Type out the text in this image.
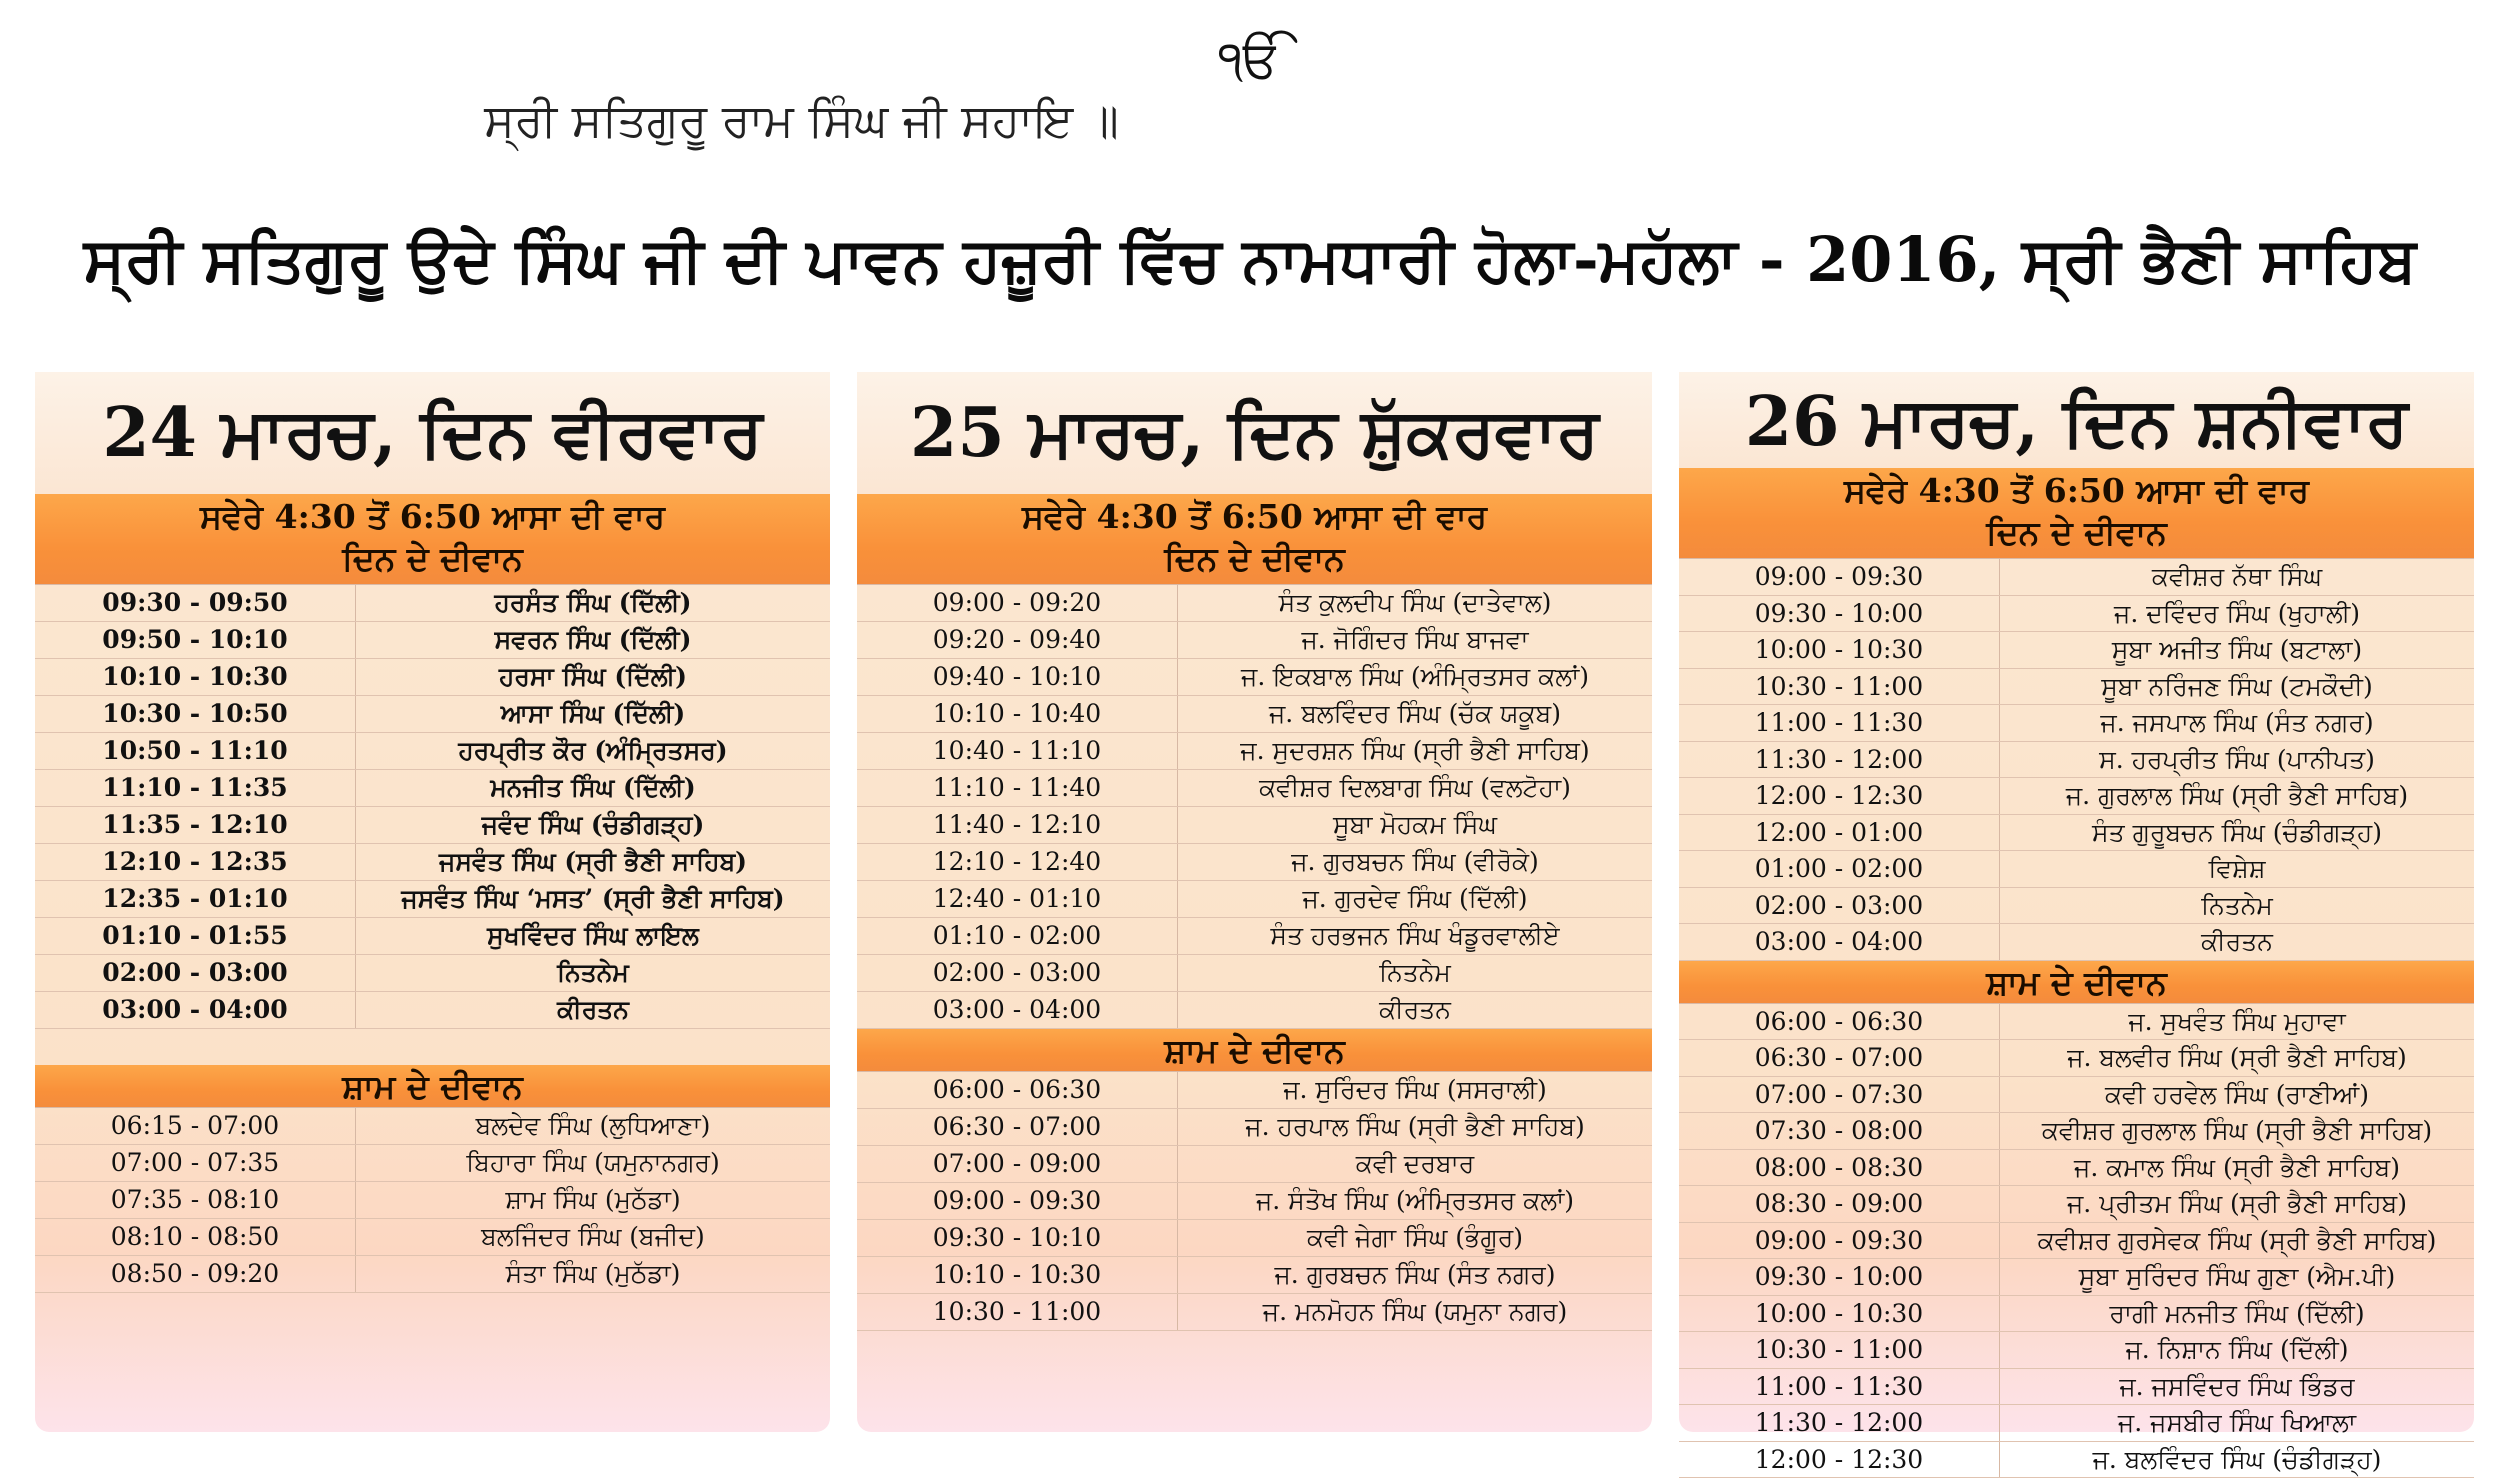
ੴ
ਸ੍ਰੀ ਸਤਿਗੁਰੂ ਰਾਮ ਸਿੰਘ ਜੀ ਸਹਾਇ ॥
ਸ੍ਰੀ ਸਤਿਗੁਰੂ ਉਦੇ ਸਿੰਘ ਜੀ ਦੀ ਪਾਵਨ ਹਜ਼ੂਰੀ ਵਿੱਚ ਨਾਮਧਾਰੀ ਹੋਲਾ-ਮਹੱਲਾ - 2016, ਸ੍ਰੀ ਭੈਣੀ ਸਾਹਿਬ
24 ਮਾਰਚ, ਦਿਨ ਵੀਰਵਾਰ
ਸਵੇਰੇ 4:30 ਤੋਂ 6:50 ਆਸਾ ਦੀ ਵਾਰ
ਦਿਨ ਦੇ ਦੀਵਾਨ
09:30 - 09:50	ਹਰਸੰਤ ਸਿੰਘ (ਦਿੱਲੀ)
09:50 - 10:10	ਸਵਰਨ ਸਿੰਘ (ਦਿੱਲੀ)
10:10 - 10:30	ਹਰਸਾ ਸਿੰਘ (ਦਿੱਲੀ)
10:30 - 10:50	ਆਸਾ ਸਿੰਘ (ਦਿੱਲੀ)
10:50 - 11:10	ਹਰਪ੍ਰੀਤ ਕੌਰ (ਅੰਮ੍ਰਿਤਸਰ)
11:10 - 11:35	ਮਨਜੀਤ ਸਿੰਘ (ਦਿੱਲੀ)
11:35 - 12:10	ਜਵੰਦ ਸਿੰਘ (ਚੰਡੀਗੜ੍ਹ)
12:10 - 12:35	ਜਸਵੰਤ ਸਿੰਘ (ਸ੍ਰੀ ਭੈਣੀ ਸਾਹਿਬ)
12:35 - 01:10	ਜਸਵੰਤ ਸਿੰਘ ‘ਮਸਤ’ (ਸ੍ਰੀ ਭੈਣੀ ਸਾਹਿਬ)
01:10 - 01:55	ਸੁਖਵਿੰਦਰ ਸਿੰਘ ਲਾਇਲ
02:00 - 03:00	ਨਿਤਨੇਮ
03:00 - 04:00	ਕੀਰਤਨ
ਸ਼ਾਮ ਦੇ ਦੀਵਾਨ
06:15 - 07:00	ਬਲਦੇਵ ਸਿੰਘ (ਲੁਧਿਆਣਾ)
07:00 - 07:35	ਬਿਹਾਰਾ ਸਿੰਘ (ਯਮੁਨਾਨਗਰ)
07:35 - 08:10	ਸ਼ਾਮ ਸਿੰਘ (ਮੁਠੱਡਾ)
08:10 - 08:50	ਬਲਜਿੰਦਰ ਸਿੰਘ (ਬਜੀਦ)
08:50 - 09:20	ਸੰਤਾ ਸਿੰਘ (ਮੁਠੱਡਾ)
25 ਮਾਰਚ, ਦਿਨ ਸ਼ੁੱਕਰਵਾਰ
ਸਵੇਰੇ 4:30 ਤੋਂ 6:50 ਆਸਾ ਦੀ ਵਾਰ
ਦਿਨ ਦੇ ਦੀਵਾਨ
09:00 - 09:20	ਸੰਤ ਕੁਲਦੀਪ ਸਿੰਘ (ਦਾਤੇਵਾਲ)
09:20 - 09:40	ਜ. ਜੋਗਿੰਦਰ ਸਿੰਘ ਬਾਜਵਾ
09:40 - 10:10	ਜ. ਇਕਬਾਲ ਸਿੰਘ (ਅੰਮ੍ਰਿਤਸਰ ਕਲਾਂ)
10:10 - 10:40	ਜ. ਬਲਵਿੰਦਰ ਸਿੰਘ (ਚੱਕ ਯਕੂਬ)
10:40 - 11:10	ਜ. ਸੁਦਰਸ਼ਨ ਸਿੰਘ (ਸ੍ਰੀ ਭੈਣੀ ਸਾਹਿਬ)
11:10 - 11:40	ਕਵੀਸ਼ਰ ਦਿਲਬਾਗ ਸਿੰਘ (ਵਲਟੋਹਾ)
11:40 - 12:10	ਸੂਬਾ ਮੋਹਕਮ ਸਿੰਘ
12:10 - 12:40	ਜ. ਗੁਰਬਚਨ ਸਿੰਘ (ਵੀਰੋਕੇ)
12:40 - 01:10	ਜ. ਗੁਰਦੇਵ ਸਿੰਘ (ਦਿੱਲੀ)
01:10 - 02:00	ਸੰਤ ਹਰਭਜਨ ਸਿੰਘ ਖੰਡੂਰਵਾਲੀਏ
02:00 - 03:00	ਨਿਤਨੇਮ
03:00 - 04:00	ਕੀਰਤਨ
ਸ਼ਾਮ ਦੇ ਦੀਵਾਨ
06:00 - 06:30	ਜ. ਸੁਰਿੰਦਰ ਸਿੰਘ (ਸਸਰਾਲੀ)
06:30 - 07:00	ਜ. ਹਰਪਾਲ ਸਿੰਘ (ਸ੍ਰੀ ਭੈਣੀ ਸਾਹਿਬ)
07:00 - 09:00	ਕਵੀ ਦਰਬਾਰ
09:00 - 09:30	ਜ. ਸੰਤੋਖ ਸਿੰਘ (ਅੰਮ੍ਰਿਤਸਰ ਕਲਾਂ)
09:30 - 10:10	ਕਵੀ ਜੇਗਾ ਸਿੰਘ (ਭੰਗੂਰ)
10:10 - 10:30	ਜ. ਗੁਰਬਚਨ ਸਿੰਘ (ਸੰਤ ਨਗਰ)
10:30 - 11:00	ਜ. ਮਨਮੋਹਨ ਸਿੰਘ (ਯਮੁਨਾ ਨਗਰ)
26 ਮਾਰਚ, ਦਿਨ ਸ਼ਨੀਵਾਰ
ਸਵੇਰੇ 4:30 ਤੋਂ 6:50 ਆਸਾ ਦੀ ਵਾਰ
ਦਿਨ ਦੇ ਦੀਵਾਨ
09:00 - 09:30	ਕਵੀਸ਼ਰ ਨੱਥਾ ਸਿੰਘ
09:30 - 10:00	ਜ. ਦਵਿੰਦਰ ਸਿੰਘ (ਖੁਹਾਲੀ)
10:00 - 10:30	ਸੂਬਾ ਅਜੀਤ ਸਿੰਘ (ਬਟਾਲਾ)
10:30 - 11:00	ਸੂਬਾ ਨਰਿੰਜਣ ਸਿੰਘ (ਟਮਕੌਦੀ)
11:00 - 11:30	ਜ. ਜਸਪਾਲ ਸਿੰਘ (ਸੰਤ ਨਗਰ)
11:30 - 12:00	ਸ. ਹਰਪ੍ਰੀਤ ਸਿੰਘ (ਪਾਨੀਪਤ)
12:00 - 12:30	ਜ. ਗੁਰਲਾਲ ਸਿੰਘ (ਸ੍ਰੀ ਭੈਣੀ ਸਾਹਿਬ)
12:00 - 01:00	ਸੰਤ ਗੁਰੂਬਚਨ ਸਿੰਘ (ਚੰਡੀਗੜ੍ਹ)
01:00 - 02:00	ਵਿਸ਼ੇਸ਼
02:00 - 03:00	ਨਿਤਨੇਮ
03:00 - 04:00	ਕੀਰਤਨ
ਸ਼ਾਮ ਦੇ ਦੀਵਾਨ
06:00 - 06:30	ਜ. ਸੁਖਵੰਤ ਸਿੰਘ ਮੁਹਾਵਾ
06:30 - 07:00	ਜ. ਬਲਵੀਰ ਸਿੰਘ (ਸ੍ਰੀ ਭੈਣੀ ਸਾਹਿਬ)
07:00 - 07:30	ਕਵੀ ਹਰਵੇਲ ਸਿੰਘ (ਰਾਣੀਆਂ)
07:30 - 08:00	ਕਵੀਸ਼ਰ ਗੁਰਲਾਲ ਸਿੰਘ (ਸ੍ਰੀ ਭੈਣੀ ਸਾਹਿਬ)
08:00 - 08:30	ਜ. ਕਮਾਲ ਸਿੰਘ (ਸ੍ਰੀ ਭੈਣੀ ਸਾਹਿਬ)
08:30 - 09:00	ਜ. ਪ੍ਰੀਤਮ ਸਿੰਘ (ਸ੍ਰੀ ਭੈਣੀ ਸਾਹਿਬ)
09:00 - 09:30	ਕਵੀਸ਼ਰ ਗੁਰਸੇਵਕ ਸਿੰਘ (ਸ੍ਰੀ ਭੈਣੀ ਸਾਹਿਬ)
09:30 - 10:00	ਸੂਬਾ ਸੁਰਿੰਦਰ ਸਿੰਘ ਗੁਣਾ (ਐਮ.ਪੀ)
10:00 - 10:30	ਰਾਗੀ ਮਨਜੀਤ ਸਿੰਘ (ਦਿੱਲੀ)
10:30 - 11:00	ਜ. ਨਿਸ਼ਾਨ ਸਿੰਘ (ਦਿੱਲੀ)
11:00 - 11:30	ਜ. ਜਸਵਿੰਦਰ ਸਿੰਘ ਭਿੰਡਰ
11:30 - 12:00	ਜ. ਜਸਬੀਰ ਸਿੰਘ ਖਿਆਲਾ
12:00 - 12:30	ਜ. ਬਲਵਿੰਦਰ ਸਿੰਘ (ਚੰਡੀਗੜ੍ਹ)
